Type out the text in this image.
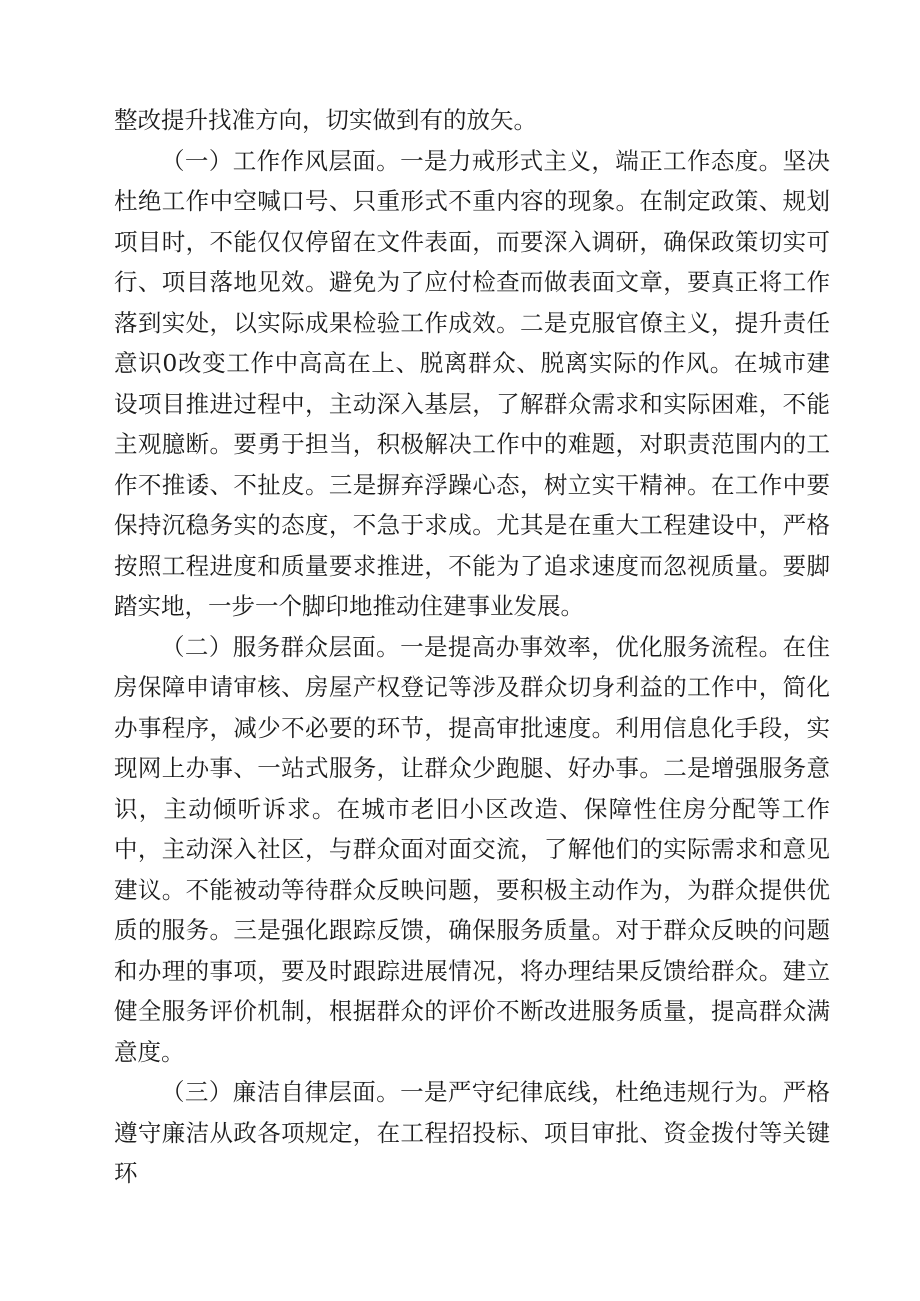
整改提升找准方向，切实做到有的放矢。

（一）工作作风层面。一是力戒形式主义，端正工作态度。坚决杜绝工作中空喊口号、只重形式不重内容的现象。在制定政策、规划项目时，不能仅仅停留在文件表面，而要深入调研，确保政策切实可行、项目落地见效。避免为了应付检查而做表面文章，要真正将工作落到实处，以实际成果检验工作成效。二是克服官僚主义，提升责任意识0改变工作中高高在上、脱离群众、脱离实际的作风。在城市建设项目推进过程中，主动深入基层，了解群众需求和实际困难，不能主观臆断。要勇于担当，积极解决工作中的难题，对职责范围内的工作不推诿、不扯皮。三是摒弃浮躁心态，树立实干精神。在工作中要保持沉稳务实的态度，不急于求成。尤其是在重大工程建设中，严格按照工程进度和质量要求推进，不能为了追求速度而忽视质量。要脚踏实地，一步一个脚印地推动住建事业发展。

（二）服务群众层面。一是提高办事效率，优化服务流程。在住房保障申请审核、房屋产权登记等涉及群众切身利益的工作中，简化办事程序，减少不必要的环节，提高审批速度。利用信息化手段，实现网上办事、一站式服务，让群众少跑腿、好办事。二是增强服务意识，主动倾听诉求。在城市老旧小区改造、保障性住房分配等工作中，主动深入社区，与群众面对面交流，了解他们的实际需求和意见建议。不能被动等待群众反映问题，要积极主动作为，为群众提供优质的服务。三是强化跟踪反馈，确保服务质量。对于群众反映的问题和办理的事项，要及时跟踪进展情况，将办理结果反馈给群众。建立健全服务评价机制，根据群众的评价不断改进服务质量，提高群众满意度。

（三）廉洁自律层面。一是严守纪律底线，杜绝违规行为。严格遵守廉洁从政各项规定，在工程招投标、项目审批、资金拨付等关键环
